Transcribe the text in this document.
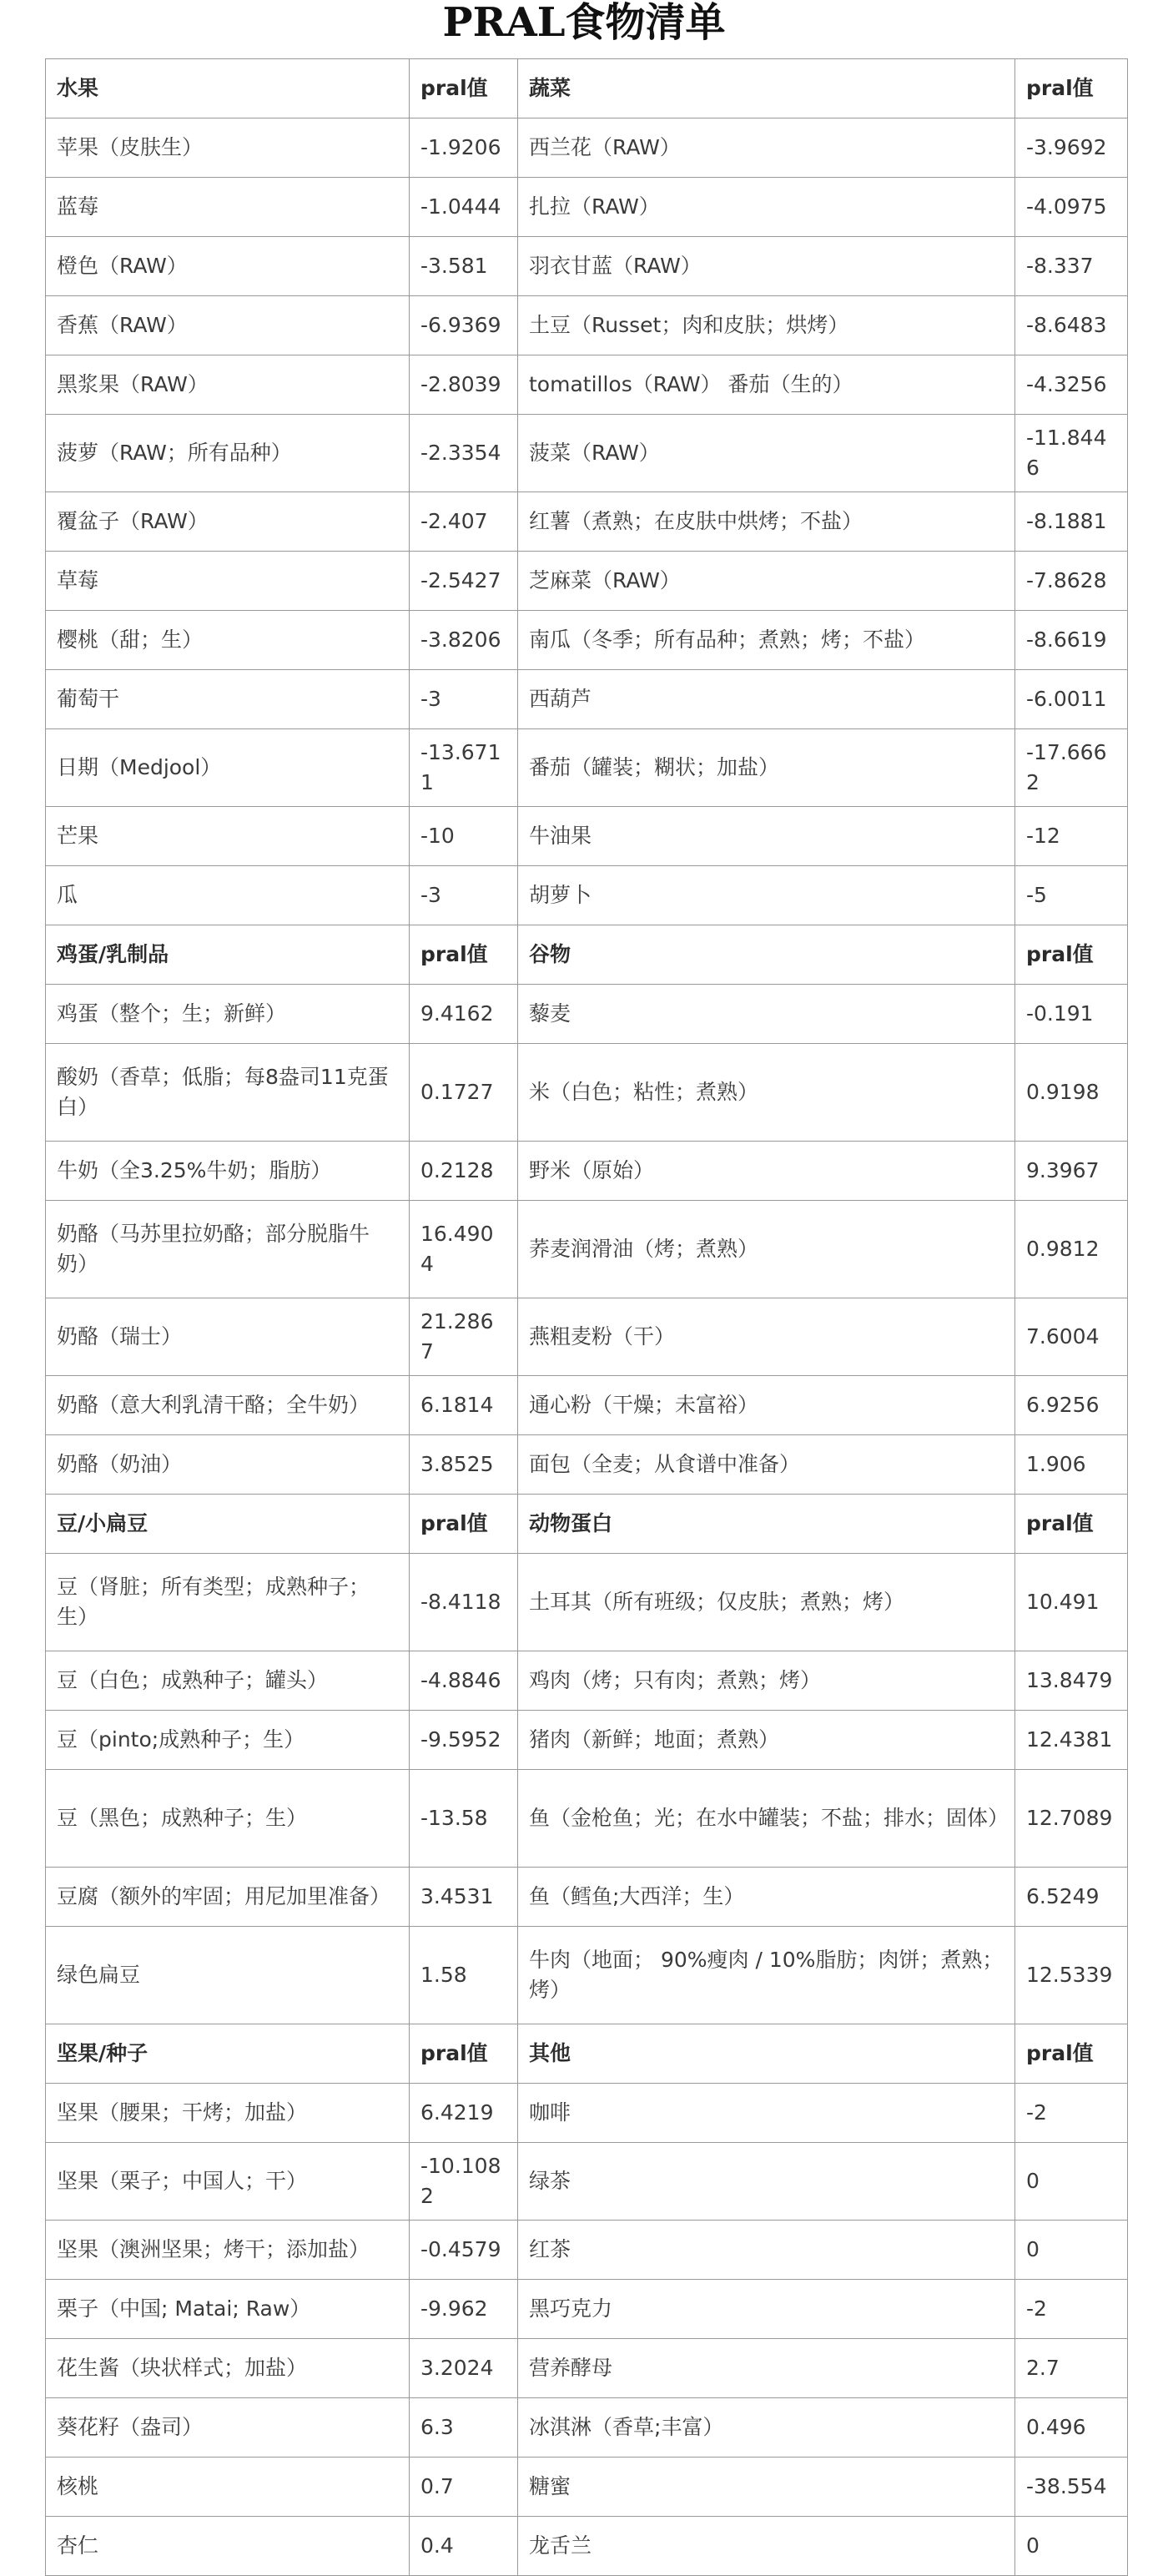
PRAL食物清单
水果	pral值	蔬菜	pral值
苹果（皮肤生）	-1.9206	西兰花（RAW）	-3.9692
蓝莓	-1.0444	扎拉（RAW）	-4.0975
橙色（RAW）	-3.581	羽衣甘蓝（RAW）	-8.337
香蕉（RAW）	-6.9369	土豆（Russet；肉和皮肤；烘烤）	-8.6483
黑浆果（RAW）	-2.8039	tomatillos（RAW） 番茄（生的）	-4.3256
菠萝（RAW；所有品种）	-2.3354	菠菜（RAW）	-11.8446
覆盆子（RAW）	-2.407	红薯（煮熟；在皮肤中烘烤；不盐）	-8.1881
草莓	-2.5427	芝麻菜（RAW）	-7.8628
樱桃（甜；生）	-3.8206	南瓜（冬季；所有品种；煮熟；烤；不盐）	-8.6619
葡萄干	-3	西葫芦	-6.0011
日期（Medjool）	-13.6711	番茄（罐装；糊状；加盐）	-17.6662
芒果	-10	牛油果	-12
瓜	-3	胡萝卜	-5
鸡蛋/乳制品	pral值	谷物	pral值
鸡蛋（整个；生；新鲜）	9.4162	藜麦	-0.191
酸奶（香草；低脂；每8盎司11克蛋白）	0.1727	米（白色；粘性；煮熟）	0.9198
牛奶（全3.25%牛奶；脂肪）	0.2128	野米（原始）	9.3967
奶酪（马苏里拉奶酪；部分脱脂牛奶）	16.4904	荞麦润滑油（烤；煮熟）	0.9812
奶酪（瑞士）	21.2867	燕粗麦粉（干）	7.6004
奶酪（意大利乳清干酪；全牛奶）	6.1814	通心粉（干燥；未富裕）	6.9256
奶酪（奶油）	3.8525	面包（全麦；从食谱中准备）	1.906
豆/小扁豆	pral值	动物蛋白	pral值
豆（肾脏；所有类型；成熟种子；生）	-8.4118	土耳其（所有班级；仅皮肤；煮熟；烤）	10.491
豆（白色；成熟种子；罐头）	-4.8846	鸡肉（烤；只有肉；煮熟；烤）	13.8479
豆（pinto;成熟种子；生）	-9.5952	猪肉（新鲜；地面；煮熟）	12.4381
豆（黑色；成熟种子；生）	-13.58	鱼（金枪鱼；光；在水中罐装；不盐；排水；固体）	12.7089
豆腐（额外的牢固；用尼加里准备）	3.4531	鱼（鳕鱼;大西洋；生）	6.5249
绿色扁豆	1.58	牛肉（地面； 90%瘦肉 / 10%脂肪；肉饼；煮熟；烤）	12.5339
坚果/种子	pral值	其他	pral值
坚果（腰果；干烤；加盐）	6.4219	咖啡	-2
坚果（栗子；中国人；干）	-10.1082	绿茶	0
坚果（澳洲坚果；烤干；添加盐）	-0.4579	红茶	0
栗子（中国; Matai; Raw）	-9.962	黑巧克力	-2
花生酱（块状样式；加盐）	3.2024	营养酵母	2.7
葵花籽（盎司）	6.3	冰淇淋（香草;丰富）	0.496
核桃	0.7	糖蜜	-38.554
杏仁	0.4	龙舌兰	0
